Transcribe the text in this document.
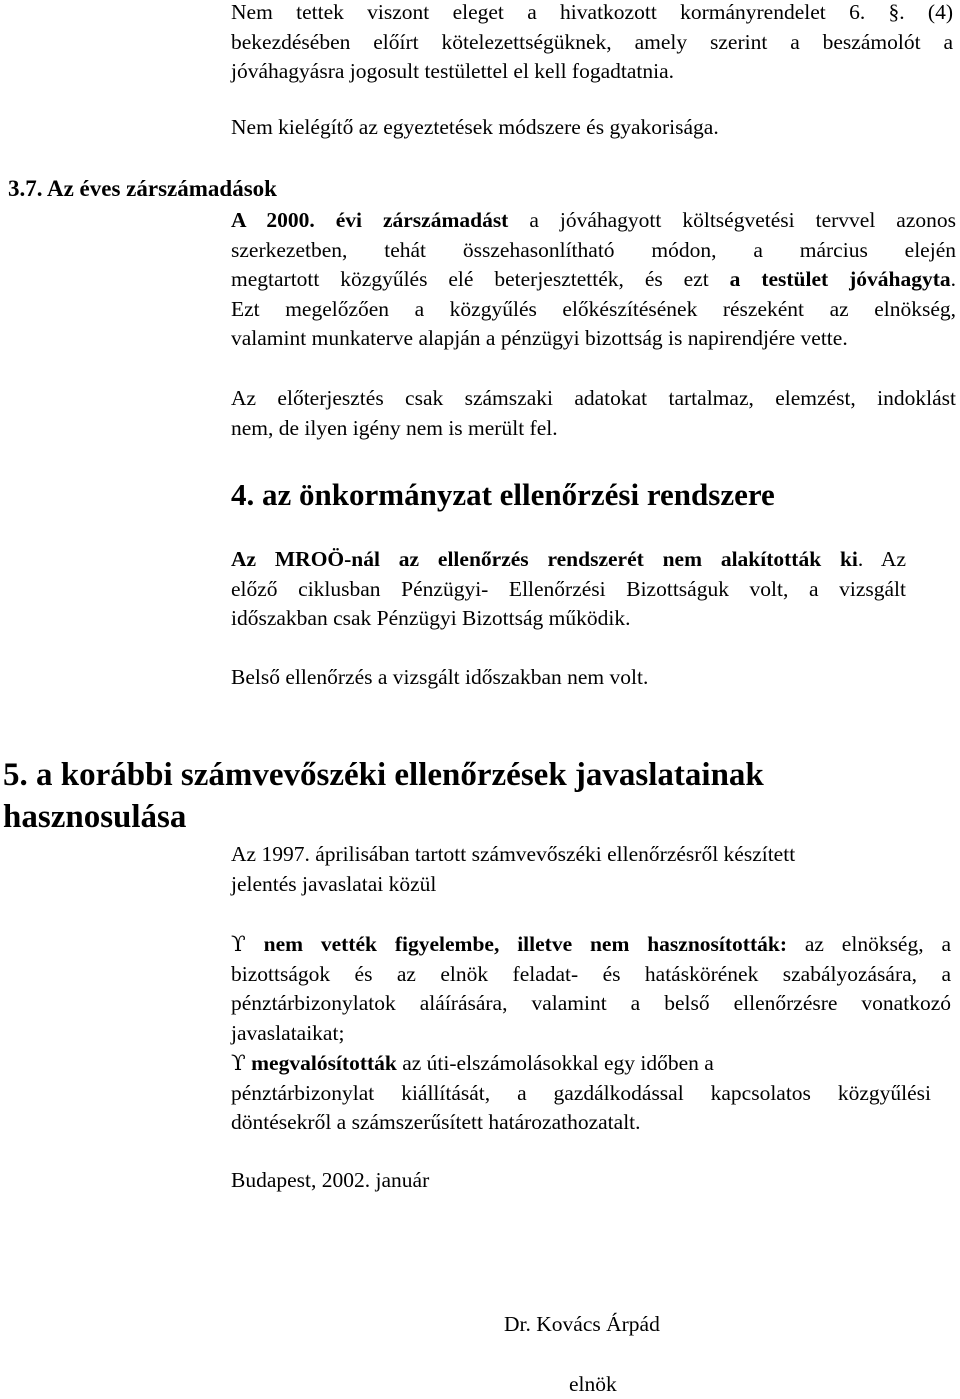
Nem tettek viszont eleget a hivatkozott kormányrendelet 6. §. (4)
bekezdésében előírt kötelezettségüknek, amely szerint a beszámolót a
jóváhagyásra jogosult testülettel el kell fogadtatnia.
Nem kielégítő az egyeztetések módszere és gyakorisága.
3.7. Az éves zárszámadások
A 2000. évi zárszámadást a jóváhagyott költségvetési tervvel azonos
szerkezetben, tehát összehasonlítható módon, a március elején
megtartott közgyűlés elé beterjesztették, és ezt a testület jóváhagyta.
Ezt megelőzően a közgyűlés előkészítésének részeként az elnökség,
valamint munkaterve alapján a pénzügyi bizottság is napirendjére vette.
Az előterjesztés csak számszaki adatokat tartalmaz, elemzést, indoklást
nem, de ilyen igény nem is merült fel.
4. az önkormányzat ellenőrzési rendszere
Az MROÖ-nál az ellenőrzés rendszerét nem alakították ki. Az
előző ciklusban Pénzügyi- Ellenőrzési Bizottságuk volt, a vizsgált
időszakban csak Pénzügyi Bizottság működik.
Belső ellenőrzés a vizsgált időszakban nem volt.
5. a korábbi számvevőszéki ellenőrzések javaslatainak
hasznosulása
Az 1997. áprilisában tartott számvevőszéki ellenőrzésről készített
jelentés javaslatai közül
ϒ nem vették figyelembe, illetve nem hasznosították: az elnökség, a
bizottságok és az elnök feladat- és hatáskörének szabályozására, a
pénztárbizonylatok aláírására, valamint a belső ellenőrzésre vonatkozó
javaslataikat;
ϒ megvalósították az úti-elszámolásokkal egy időben a
pénztárbizonylat kiállítását, a gazdálkodással kapcsolatos közgyűlési
döntésekről a számszerűsített határozathozatalt.
Budapest, 2002. január
Dr. Kovács Árpád
elnök
